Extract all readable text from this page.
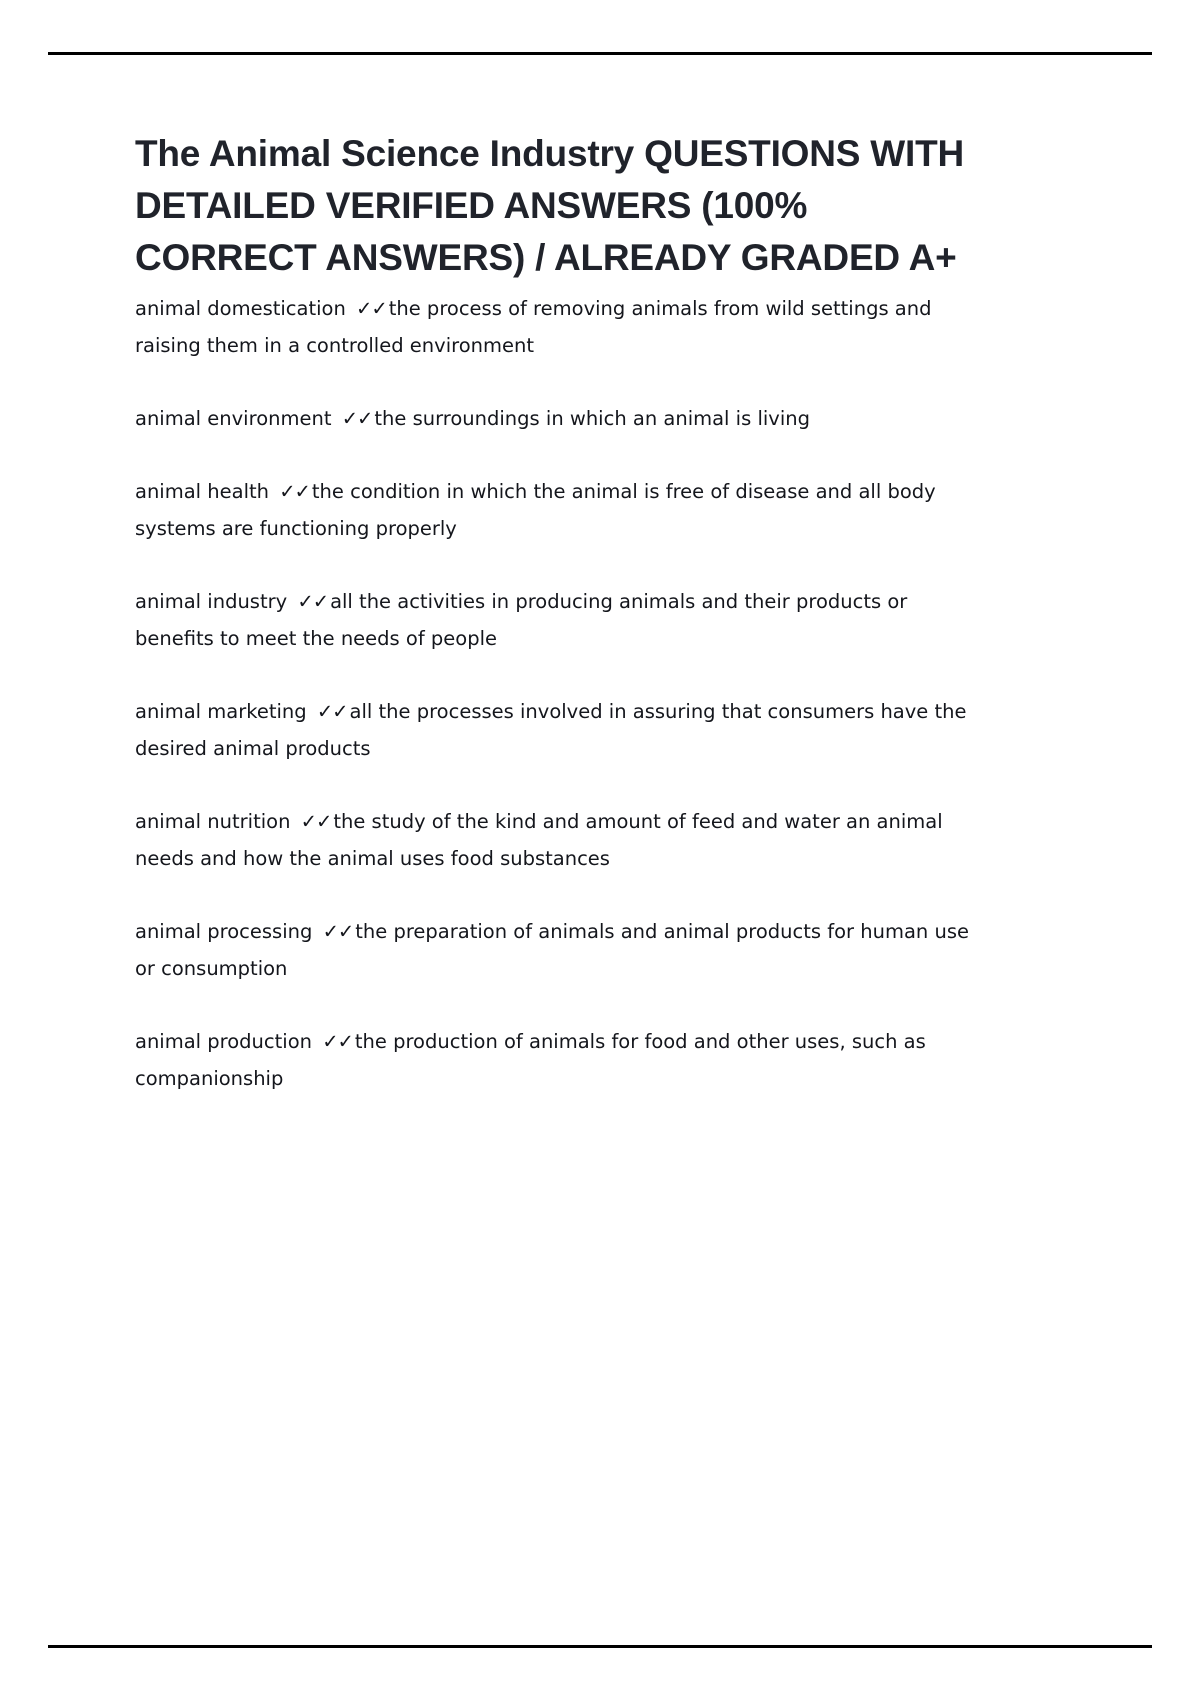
The Animal Science Industry QUESTIONS WITH DETAILED VERIFIED ANSWERS (100% CORRECT ANSWERS) / ALREADY GRADED A+

animal domestication ✓✓ the process of removing animals from wild settings and raising them in a controlled environment

animal environment ✓✓ the surroundings in which an animal is living

animal health ✓✓ the condition in which the animal is free of disease and all body systems are functioning properly

animal industry ✓✓ all the activities in producing animals and their products or benefits to meet the needs of people

animal marketing ✓✓ all the processes involved in assuring that consumers have the desired animal products

animal nutrition ✓✓ the study of the kind and amount of feed and water an animal needs and how the animal uses food substances

animal processing ✓✓ the preparation of animals and animal products for human use or consumption

animal production ✓✓ the production of animals for food and other uses, such as companionship
